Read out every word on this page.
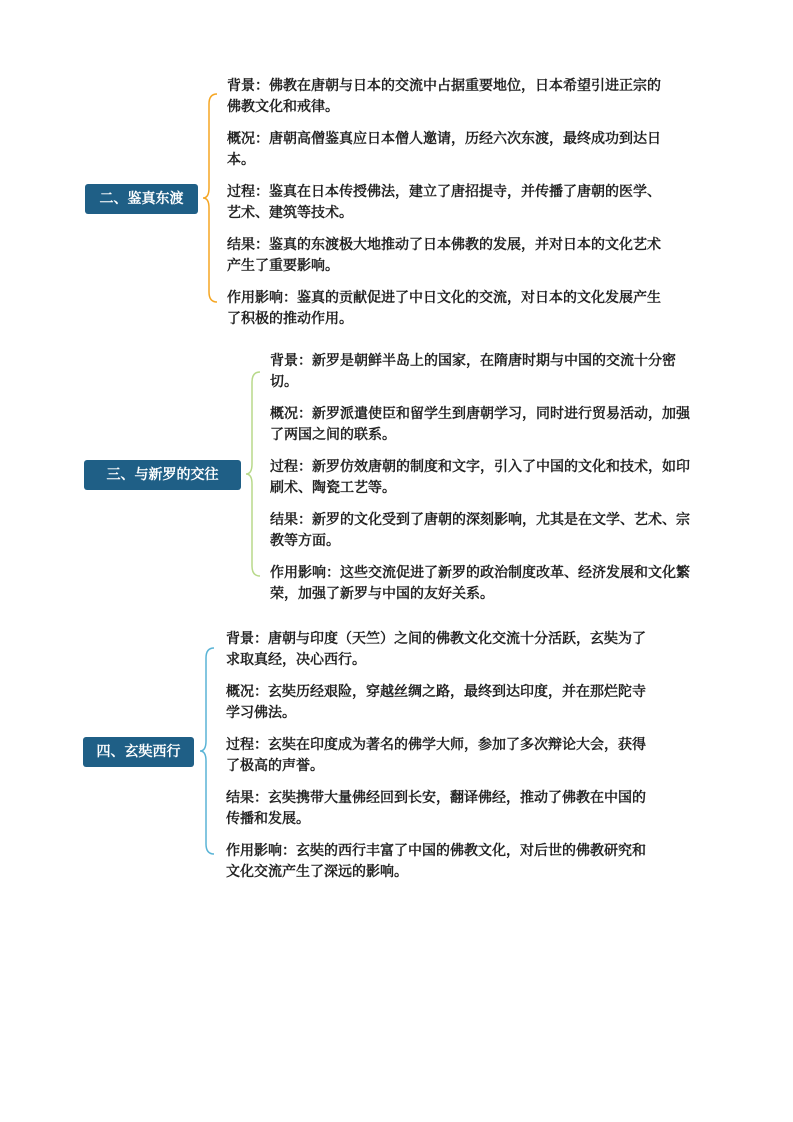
二、鉴真东渡
背景：佛教在唐朝与日本的交流中占据重要地位，日本希望引进正宗的佛教文化和戒律。
概况：唐朝高僧鉴真应日本僧人邀请，历经六次东渡，最终成功到达日本。
过程：鉴真在日本传授佛法，建立了唐招提寺，并传播了唐朝的医学、艺术、建筑等技术。
结果：鉴真的东渡极大地推动了日本佛教的发展，并对日本的文化艺术产生了重要影响。
作用影响：鉴真的贡献促进了中日文化的交流，对日本的文化发展产生了积极的推动作用。
三、与新罗的交往
背景：新罗是朝鲜半岛上的国家，在隋唐时期与中国的交流十分密切。
概况：新罗派遣使臣和留学生到唐朝学习，同时进行贸易活动，加强了两国之间的联系。
过程：新罗仿效唐朝的制度和文字，引入了中国的文化和技术，如印刷术、陶瓷工艺等。
结果：新罗的文化受到了唐朝的深刻影响，尤其是在文学、艺术、宗教等方面。
作用影响：这些交流促进了新罗的政治制度改革、经济发展和文化繁荣，加强了新罗与中国的友好关系。
四、玄奘西行
背景：唐朝与印度（天竺）之间的佛教文化交流十分活跃，玄奘为了求取真经，决心西行。
概况：玄奘历经艰险，穿越丝绸之路，最终到达印度，并在那烂陀寺学习佛法。
过程：玄奘在印度成为著名的佛学大师，参加了多次辩论大会，获得了极高的声誉。
结果：玄奘携带大量佛经回到长安，翻译佛经，推动了佛教在中国的传播和发展。
作用影响：玄奘的西行丰富了中国的佛教文化，对后世的佛教研究和文化交流产生了深远的影响。
